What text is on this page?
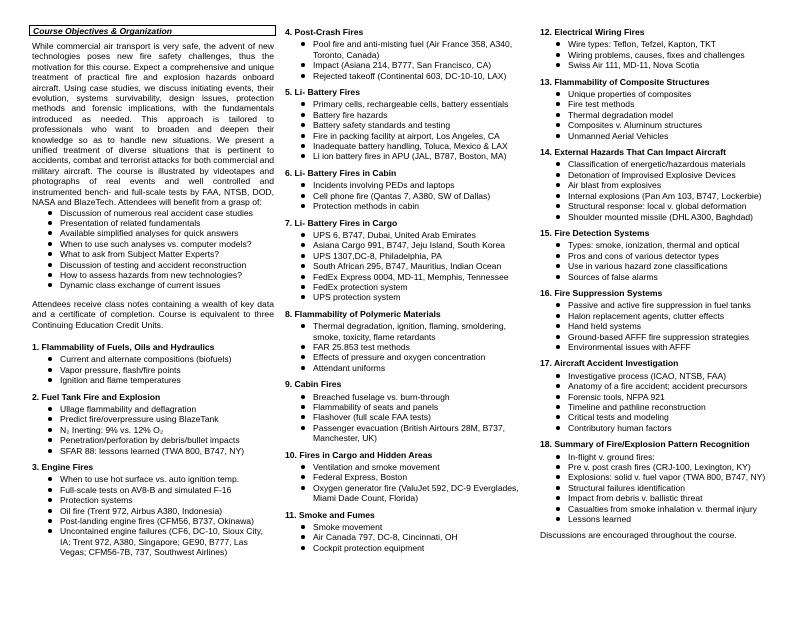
Course Objectives & Organization

While commercial air transport is very safe, the advent of new technologies poses new fire safety challenges, thus the motivation for this course. Expect a comprehensive and unique treatment of practical fire and explosion hazards onboard aircraft. Using case studies, we discuss initiating events, their evolution, systems survivability, design issues, protection methods and forensic implications, with the fundamentals introduced as needed. This approach is tailored to professionals who want to broaden and deepen their knowledge so as to handle new situations. We present a unified treatment of diverse situations that is pertinent to accidents, combat and terrorist attacks for both commercial and military aircraft. The course is illustrated by videotapes and photographs of real events and well controlled and instrumented bench- and full-scale tests by FAA, NTSB, DOD, NASA and BlazeTech. Attendees will benefit from a grasp of:

Discussion of numerous real accident case studies
Presentation of related fundamentals
Available simplified analyses for quick answers
When to use such analyses vs. computer models?
What to ask from Subject Matter Experts?
Discussion of testing and accident reconstruction
How to assess hazards from new technologies?
Dynamic class exchange of current issues

Attendees receive class notes containing a wealth of key data and a certificate of completion. Course is equivalent to three Continuing Education Credit Units.

1. Flammability of Fuels, Oils and Hydraulics

Current and alternate compositions (biofuels)
Vapor pressure, flash/fire points
Ignition and flame temperatures

2. Fuel Tank Fire and Explosion

Ullage flammability and deflagration
Predict fire/overpressure using BlazeTank
N₂ Inerting: 9% vs. 12% O₂
Penetration/perforation by debris/bullet impacts
SFAR 88: lessons learned (TWA 800, B747, NY)

3. Engine Fires

When to use hot surface vs. auto ignition temp.
Full-scale tests on AV8-B and simulated F-16
Protection systems
Oil fire (Trent 972, Airbus A380, Indonesia)
Post-landing engine fires (CFM56, B737, Okinawa)
Uncontained engine failures (CF6, DC-10, Sioux City, IA; Trent 972, A380, Singapore; GE90, B777, Las Vegas; CFM56-7B, 737, Southwest Airlines)

4. Post-Crash Fires

Pool fire and anti-misting fuel (Air France 358, A340, Toronto, Canada)
Impact (Asiana 214, B777, San Francisco, CA)
Rejected takeoff (Continental 603, DC-10-10, LAX)

5. Li- Battery Fires

Primary cells, rechargeable cells, battery essentials
Battery fire hazards
Battery safety standards and testing
Fire in packing facility at airport, Los Angeles, CA
Inadequate battery handling, Toluca, Mexico & LAX
Li ion battery fires in APU (JAL, B787, Boston, MA)

6. Li- Battery Fires in Cabin

Incidents involving PEDs and laptops
Cell phone fire (Qantas 7, A380, SW of Dallas)
Protection methods in cabin

7. Li- Battery Fires in Cargo

UPS 6, B747, Dubai, United Arab Emirates
Asiana Cargo 991, B747, Jeju Island, South Korea
UPS 1307,DC-8, Philadelphia, PA
South African 295, B747, Mauritius, Indian Ocean
FedEx Express 0004, MD-11, Memphis, Tennessee
FedEx protection system
UPS protection system

8. Flammability of Polymeric Materials

Thermal degradation, ignition, flaming, smoldering, smoke, toxicity, flame retardants
FAR 25.853 test methods
Effects of pressure and oxygen concentration
Attendant uniforms

9. Cabin Fires

Breached fuselage vs. burn-through
Flammability of seats and panels
Flashover (full scale FAA tests)
Passenger evacuation (British Airtours 28M, B737, Manchester, UK)

10. Fires in Cargo and Hidden Areas

Ventilation and smoke movement
Federal Express, Boston
Oxygen generator fire (ValuJet 592, DC-9 Everglades, Miami Dade Count, Florida)

11. Smoke and Fumes

Smoke movement
Air Canada 797, DC-8, Cincinnati, OH
Cockpit protection equipment

12. Electrical Wiring Fires

Wire types: Teflon, Tefzel, Kapton, TKT
Wiring problems, causes, fixes and challenges
Swiss Air 111, MD-11, Nova Scotia

13. Flammability of Composite Structures

Unique properties of composites
Fire test methods
Thermal degradation model
Composites v. Aluminum structures
Unmanned Aerial Vehicles

14. External Hazards That Can Impact Aircraft

Classification of energetic/hazardous materials
Detonation of Improvised Explosive Devices
Air blast from explosives
Internal explosions (Pan Am 103, B747, Lockerbie)
Structural response: local v. global deformation
Shoulder mounted missile (DHL A300, Baghdad)

15. Fire Detection Systems

Types: smoke, ionization, thermal and optical
Pros and cons of various detector types
Use in various hazard zone classifications
Sources of false alarms

16. Fire Suppression Systems

Passive and active fire suppression in fuel tanks
Halon replacement agents, clutter effects
Hand held systems
Ground-based AFFF fire suppression strategies
Environmental issues with AFFF

17. Aircraft Accident Investigation

Investigative process (ICAO, NTSB, FAA)
Anatomy of a fire accident; accident precursors
Forensic tools, NFPA 921
Timeline and pathline reconstruction
Critical tests and modeling
Contributory human factors

18. Summary of Fire/Explosion Pattern Recognition

In-flight v. ground fires:
Pre v. post crash fires (CRJ-100, Lexington, KY)
Explosions: solid v. fuel vapor (TWA 800, B747, NY)
Structural failures identification
Impact from debris v. ballistic threat
Casualties from smoke inhalation v. thermal injury
Lessons learned

Discussions are encouraged throughout the course.
